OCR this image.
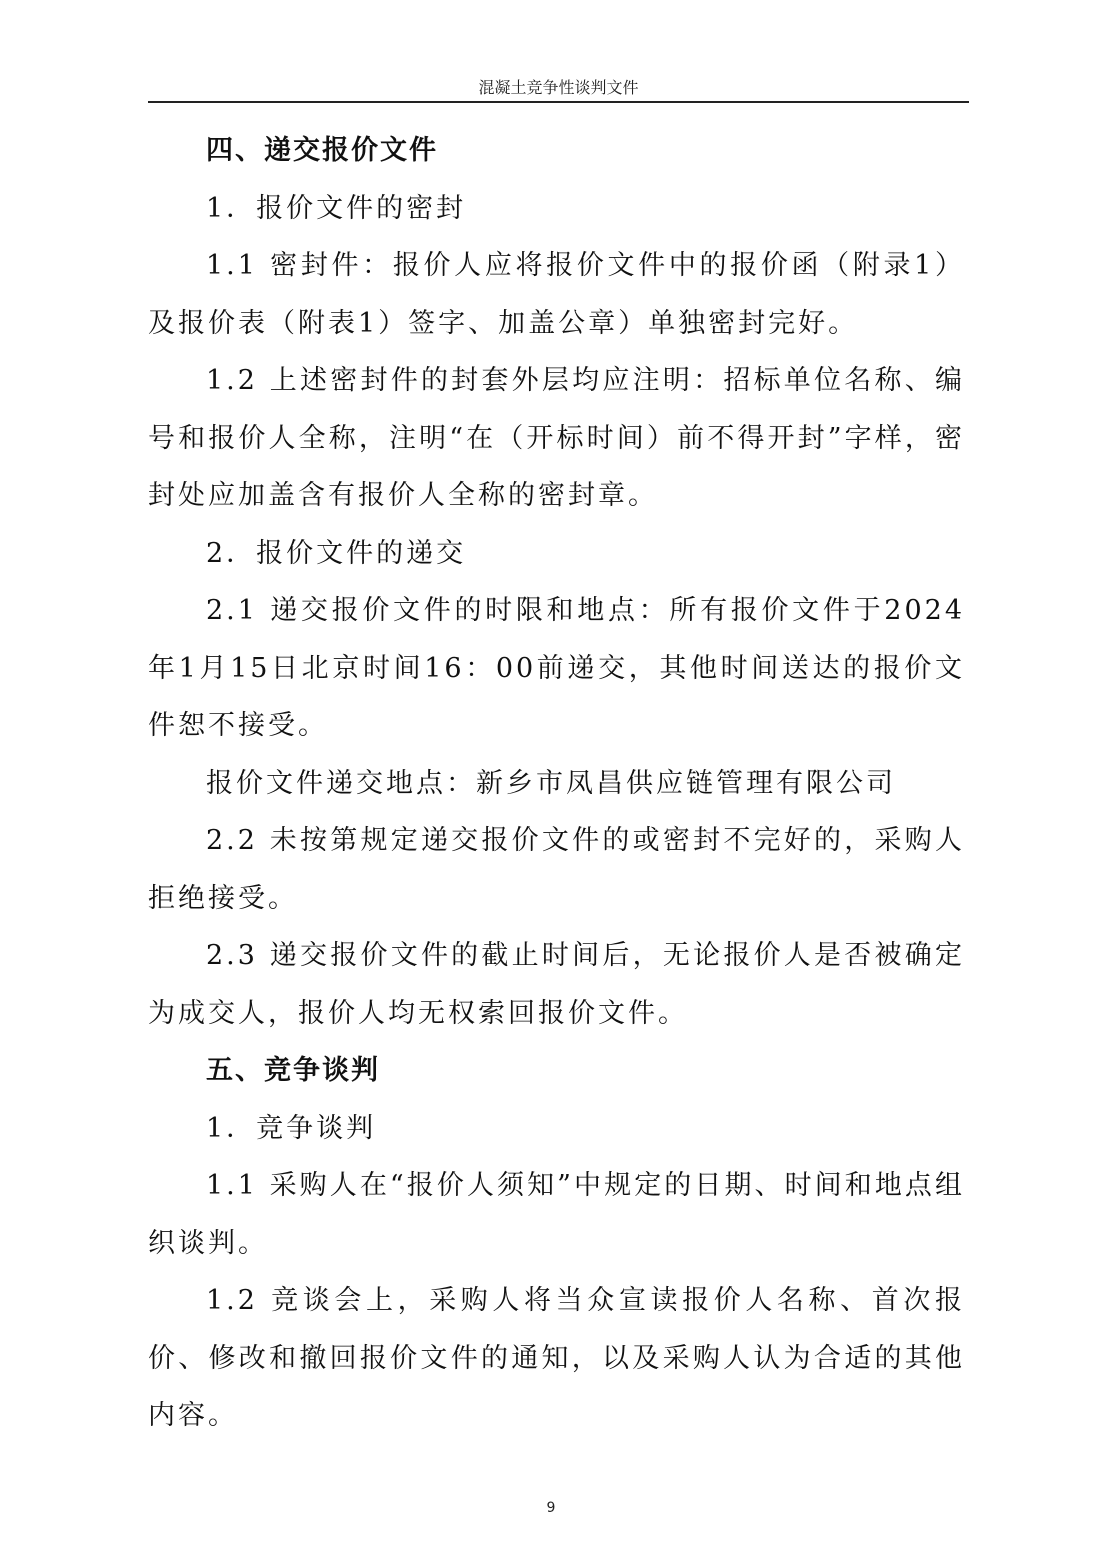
混凝土竞争性谈判文件

四、递交报价文件

1．报价文件的密封

1.1 密封件：报价人应将报价文件中的报价函（附录1）及报价表（附表1）签字、加盖公章）单独密封完好。

1.2 上述密封件的封套外层均应注明：招标单位名称、编号和报价人全称，注明“在（开标时间）前不得开封”字样，密封处应加盖含有报价人全称的密封章。

2．报价文件的递交

2.1 递交报价文件的时限和地点：所有报价文件于2024年1月15日北京时间16：00前递交，其他时间送达的报价文件恕不接受。

报价文件递交地点：新乡市凤昌供应链管理有限公司

2.2 未按第规定递交报价文件的或密封不完好的，采购人拒绝接受。

2.3 递交报价文件的截止时间后，无论报价人是否被确定为成交人，报价人均无权索回报价文件。

五、竞争谈判

1．竞争谈判

1.1 采购人在“报价人须知”中规定的日期、时间和地点组织谈判。

1.2 竞谈会上，采购人将当众宣读报价人名称、首次报价、修改和撤回报价文件的通知，以及采购人认为合适的其他内容。

9
